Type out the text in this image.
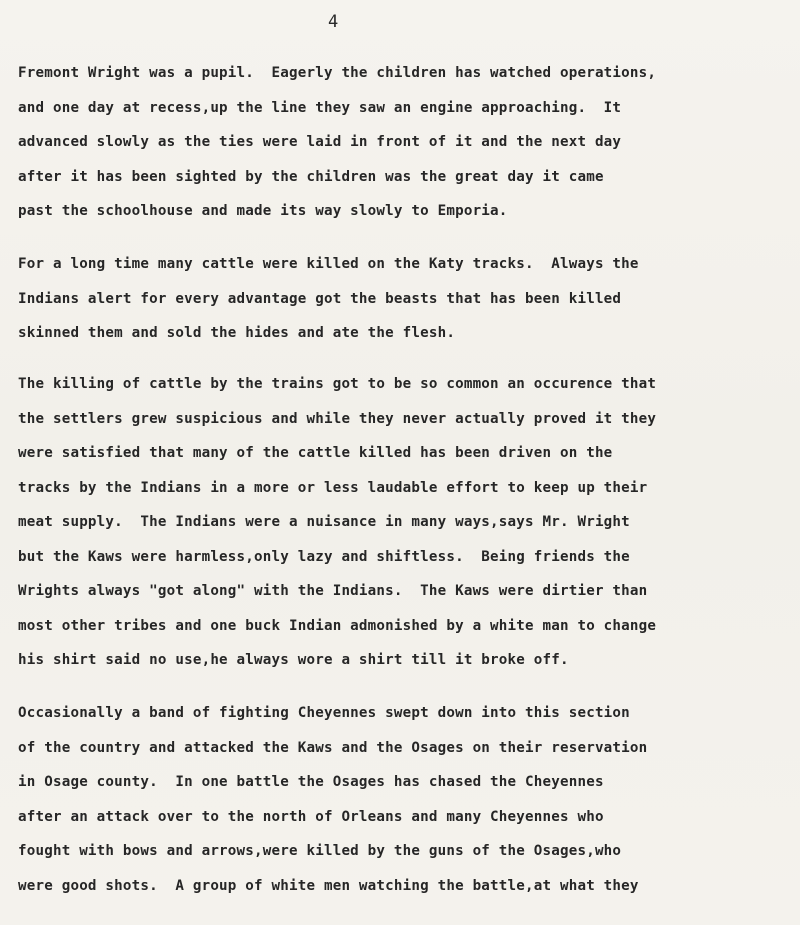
4
Fremont Wright was a pupil.  Eagerly the children has watched operations,
and one day at recess,up the line they saw an engine approaching.  It
advanced slowly as the ties were laid in front of it and the next day
after it has been sighted by the children was the great day it came
past the schoolhouse and made its way slowly to Emporia.
For a long time many cattle were killed on the Katy tracks.  Always the
Indians alert for every advantage got the beasts that has been killed
skinned them and sold the hides and ate the flesh.
The killing of cattle by the trains got to be so common an occurence that
the settlers grew suspicious and while they never actually proved it they
were satisfied that many of the cattle killed has been driven on the
tracks by the Indians in a more or less laudable effort to keep up their
meat supply.  The Indians were a nuisance in many ways,says Mr. Wright
but the Kaws were harmless,only lazy and shiftless.  Being friends the
Wrights always "got along" with the Indians.  The Kaws were dirtier than
most other tribes and one buck Indian admonished by a white man to change
his shirt said no use,he always wore a shirt till it broke off.
Occasionally a band of fighting Cheyennes swept down into this section
of the country and attacked the Kaws and the Osages on their reservation
in Osage county.  In one battle the Osages has chased the Cheyennes
after an attack over to the north of Orleans and many Cheyennes who
fought with bows and arrows,were killed by the guns of the Osages,who
were good shots.  A group of white men watching the battle,at what they
